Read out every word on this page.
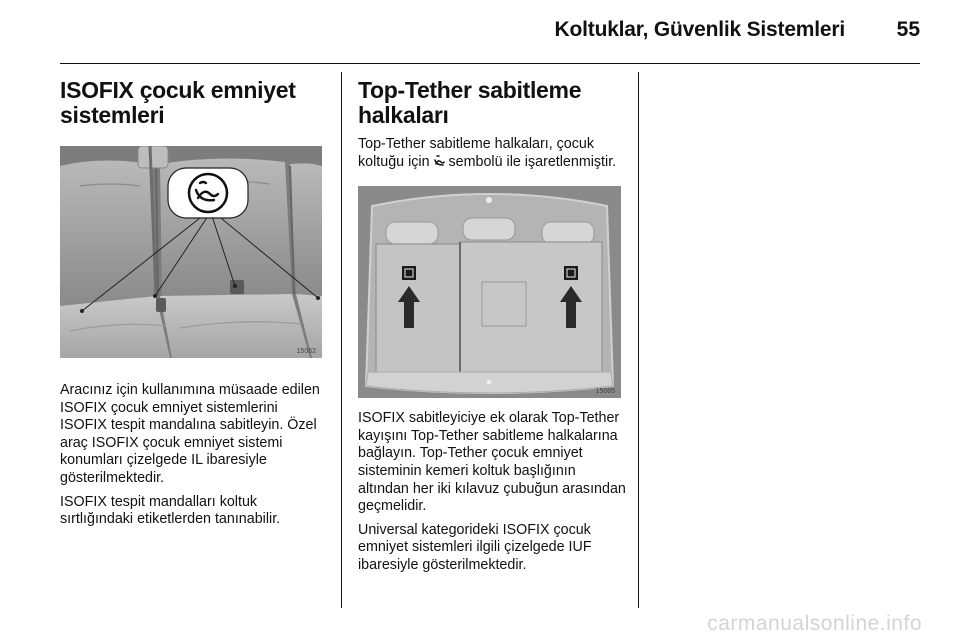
Koltuklar, Güvenlik Sistemleri 55
ISOFIX çocuk emniyet sistemleri
15062

Aracınız için kullanımına müsaade edilen ISOFIX çocuk emniyet sistemlerini ISOFIX tespit mandalına sabitleyin. Özel araç ISOFIX çocuk emniyet sistemi konumları çizelgede IL ibaresiyle gösterilmektedir.

ISOFIX tespit mandalları koltuk sırtlığındaki etiketlerden tanınabilir.

Top-Tether sabitleme halkaları

Top-Tether sabitleme halkaları, çocuk koltuğu için sembolü ile işaretlenmiştir.

15065

ISOFIX sabitleyiciye ek olarak Top-Tether kayışını Top-Tether sabitleme halkalarına bağlayın. Top-Tether çocuk emniyet sisteminin kemeri koltuk başlığının altından her iki kılavuz çubuğun arasından geçmelidir.

Universal kategorideki ISOFIX çocuk emniyet sistemleri ilgili çizelgede IUF ibaresiyle gösterilmektedir.

carmanualsonline.info
